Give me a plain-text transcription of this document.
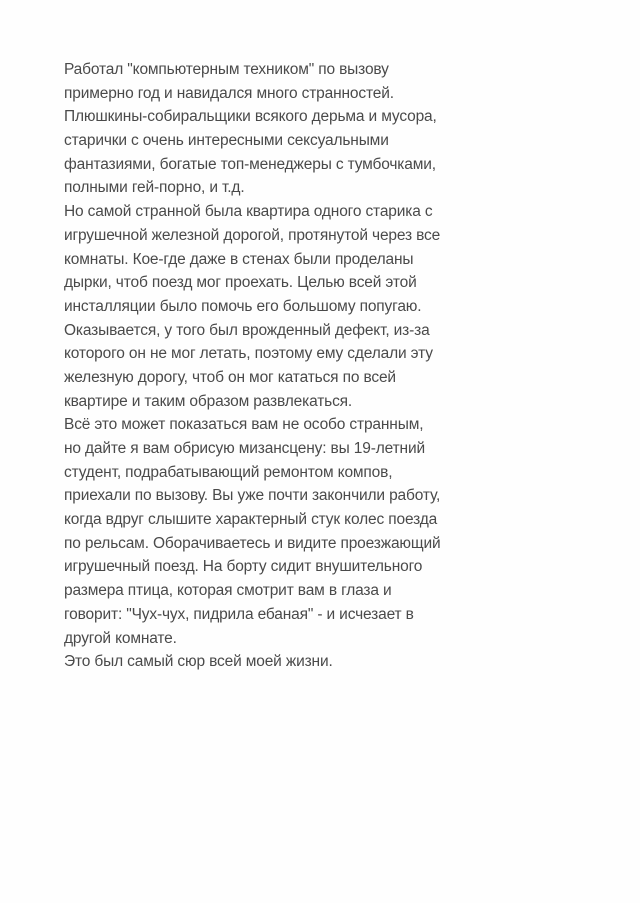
Работал "компьютерным техником" по вызову
примерно год и навидался много странностей.
Плюшкины-собиральщики всякого дерьма и мусора,
старички с очень интересными сексуальными
фантазиями, богатые топ-менеджеры с тумбочками,
полными гей-порно, и т.д.
Но самой странной была квартира одного старика с
игрушечной железной дорогой, протянутой через все
комнаты. Кое-где даже в стенах были проделаны
дырки, чтоб поезд мог проехать. Целью всей этой
инсталляции было помочь его большому попугаю.
Оказывается, у того был врожденный дефект, из-за
которого он не мог летать, поэтому ему сделали эту
железную дорогу, чтоб он мог кататься по всей
квартире и таким образом развлекаться.
Всё это может показаться вам не особо странным,
но дайте я вам обрисую мизансцену: вы 19-летний
студент, подрабатывающий ремонтом компов,
приехали по вызову. Вы уже почти закончили работу,
когда вдруг слышите характерный стук колес поезда
по рельсам. Оборачиваетесь и видите проезжающий
игрушечный поезд. На борту сидит внушительного
размера птица, которая смотрит вам в глаза и
говорит: "Чух-чух, пидрила ебаная" - и исчезает в
другой комнате.
Это был самый сюр всей моей жизни.
